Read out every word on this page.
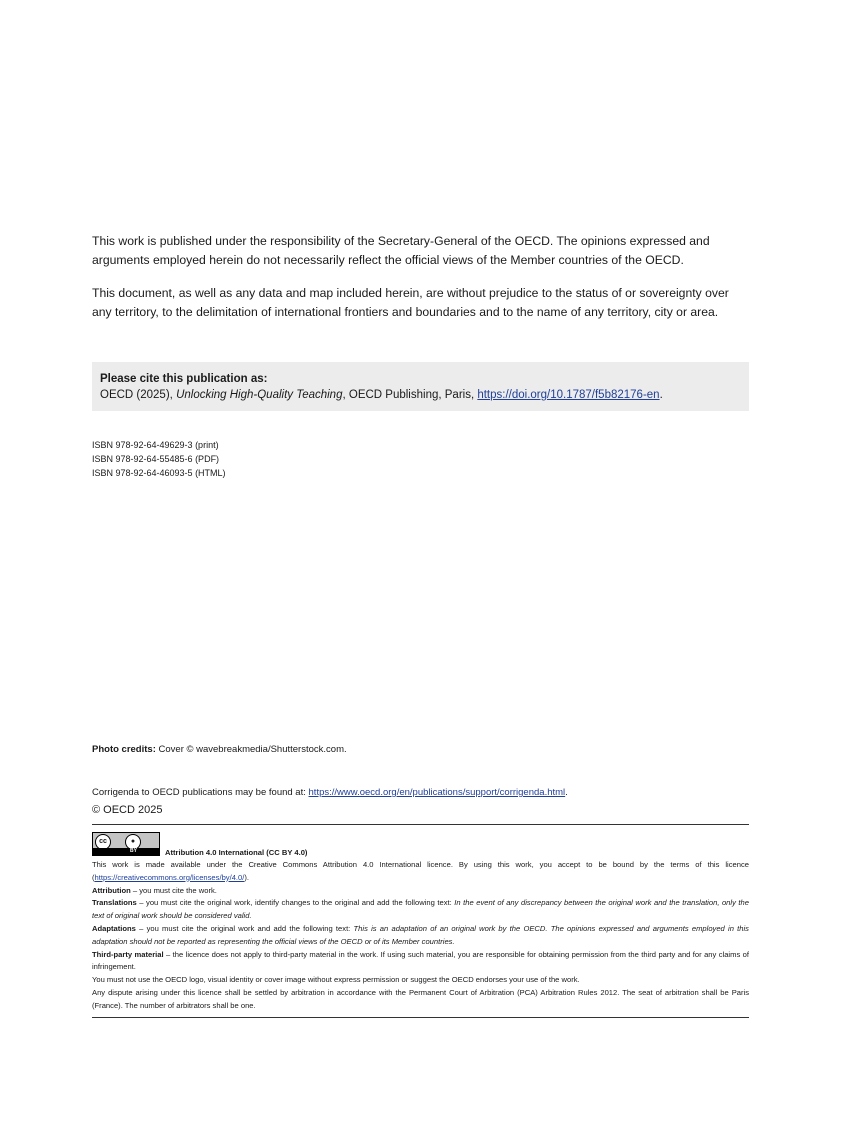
This work is published under the responsibility of the Secretary-General of the OECD. The opinions expressed and arguments employed herein do not necessarily reflect the official views of the Member countries of the OECD.

This document, as well as any data and map included herein, are without prejudice to the status of or sovereignty over any territory, to the delimitation of international frontiers and boundaries and to the name of any territory, city or area.

Please cite this publication as:
OECD (2025), Unlocking High-Quality Teaching, OECD Publishing, Paris, https://doi.org/10.1787/f5b82176-en.
ISBN 978-92-64-49629-3 (print)
ISBN 978-92-64-55485-6 (PDF)
ISBN 978-92-64-46093-5 (HTML)
Photo credits: Cover © wavebreakmedia/Shutterstock.com.
Corrigenda to OECD publications may be found at: https://www.oecd.org/en/publications/support/corrigenda.html.
© OECD 2025
cc	●
BY	Attribution 4.0 International (CC BY 4.0)

This work is made available under the Creative Commons Attribution 4.0 International licence. By using this work, you accept to be bound by the terms of this licence (https://creativecommons.org/licenses/by/4.0/).

Attribution – you must cite the work.

Translations – you must cite the original work, identify changes to the original and add the following text: In the event of any discrepancy between the original work and the translation, only the text of original work should be considered valid.

Adaptations – you must cite the original work and add the following text: This is an adaptation of an original work by the OECD. The opinions expressed and arguments employed in this adaptation should not be reported as representing the official views of the OECD or of its Member countries.

Third-party material – the licence does not apply to third-party material in the work. If using such material, you are responsible for obtaining permission from the third party and for any claims of infringement.

You must not use the OECD logo, visual identity or cover image without express permission or suggest the OECD endorses your use of the work.

Any dispute arising under this licence shall be settled by arbitration in accordance with the Permanent Court of Arbitration (PCA) Arbitration Rules 2012. The seat of arbitration shall be Paris (France). The number of arbitrators shall be one.
